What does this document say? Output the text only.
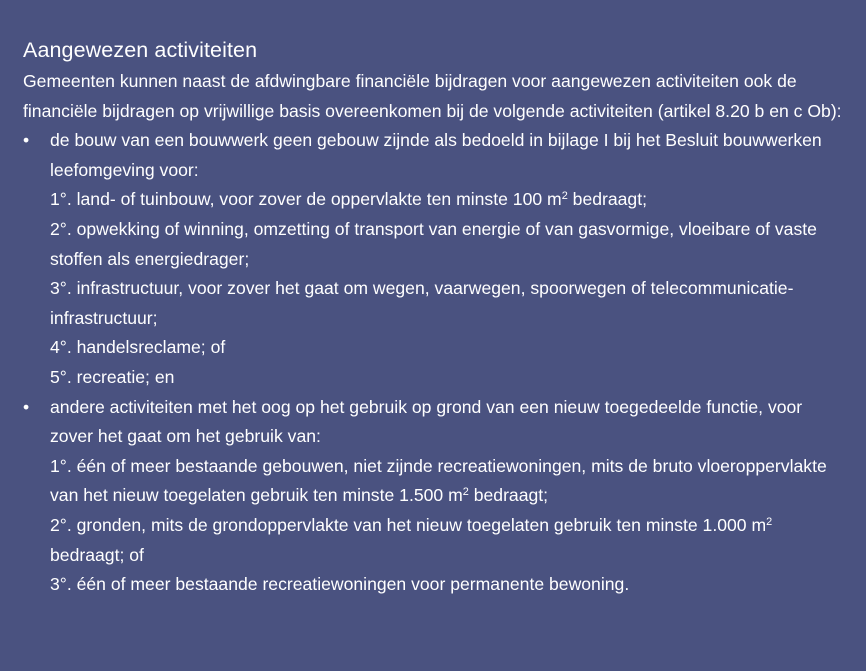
Aangewezen activiteiten

Gemeenten kunnen naast de afdwingbare financiële bijdragen voor aangewezen activiteiten ook de financiële bijdragen op vrijwillige basis overeenkomen bij de volgende activiteiten (artikel 8.20 b en c Ob):

•	de bouw van een bouwwerk geen gebouw zijnde als bedoeld in bijlage I bij het Besluit bouwwerken leefomgeving voor:
1°. land- of tuinbouw, voor zover de oppervlakte ten minste 100 $m^2$ bedraagt;
2°. opwekking of winning, omzetting of transport van energie of van gasvormige, vloeibare of vaste stoffen als energiedrager;
3°. infrastructuur, voor zover het gaat om wegen, vaarwegen, spoorwegen of telecommunicatie-infrastructuur;
4°. handelsreclame; of
5°. recreatie; en
•	andere activiteiten met het oog op het gebruik op grond van een nieuw toegedeelde functie, voor zover het gaat om het gebruik van:
1°. één of meer bestaande gebouwen, niet zijnde recreatiewoningen, mits de bruto vloeroppervlakte van het nieuw toegelaten gebruik ten minste 1.500 $m^2$ bedraagt;
2°. gronden, mits de grondoppervlakte van het nieuw toegelaten gebruik ten minste 1.000 $m^2$ bedraagt; of
3°. één of meer bestaande recreatiewoningen voor permanente bewoning.
